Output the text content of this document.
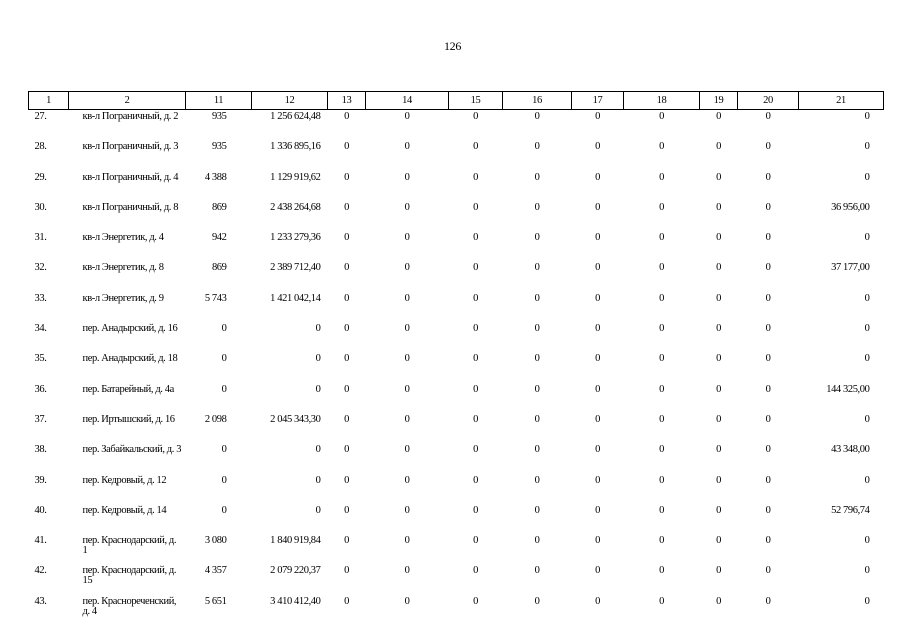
126
1	2	11	12	13	14	15	16	17	18	19	20	21
27.	кв-л Пограничный, д. 2	935	1 256 624,48	0	0	0	0	0	0	0	0	0
28.	кв-л Пограничный, д. 3	935	1 336 895,16	0	0	0	0	0	0	0	0	0
29.	кв-л Пограничный, д. 4	4 388	1 129 919,62	0	0	0	0	0	0	0	0	0
30.	кв-л Пограничный, д. 8	869	2 438 264,68	0	0	0	0	0	0	0	0	36 956,00
31.	кв-л Энергетик, д. 4	942	1 233 279,36	0	0	0	0	0	0	0	0	0
32.	кв-л Энергетик, д. 8	869	2 389 712,40	0	0	0	0	0	0	0	0	37 177,00
33.	кв-л Энергетик, д. 9	5 743	1 421 042,14	0	0	0	0	0	0	0	0	0
34.	пер. Анадырский, д. 16	0	0	0	0	0	0	0	0	0	0	0
35.	пер. Анадырский, д. 18	0	0	0	0	0	0	0	0	0	0	0
36.	пер. Батарейный, д. 4а	0	0	0	0	0	0	0	0	0	0	144 325,00
37.	пер. Иртышский, д. 16	2 098	2 045 343,30	0	0	0	0	0	0	0	0	0
38.	пер. Забайкальский, д. 3	0	0	0	0	0	0	0	0	0	0	43 348,00
39.	пер. Кедровый, д. 12	0	0	0	0	0	0	0	0	0	0	0
40.	пер. Кедровый, д. 14	0	0	0	0	0	0	0	0	0	0	52 796,74
41.	пер. Краснодарский, д. 1	3 080	1 840 919,84	0	0	0	0	0	0	0	0	0
42.	пер. Краснодарский, д. 15	4 357	2 079 220,37	0	0	0	0	0	0	0	0	0
43.	пер. Краснореченский, д. 4	5 651	3 410 412,40	0	0	0	0	0	0	0	0	0
